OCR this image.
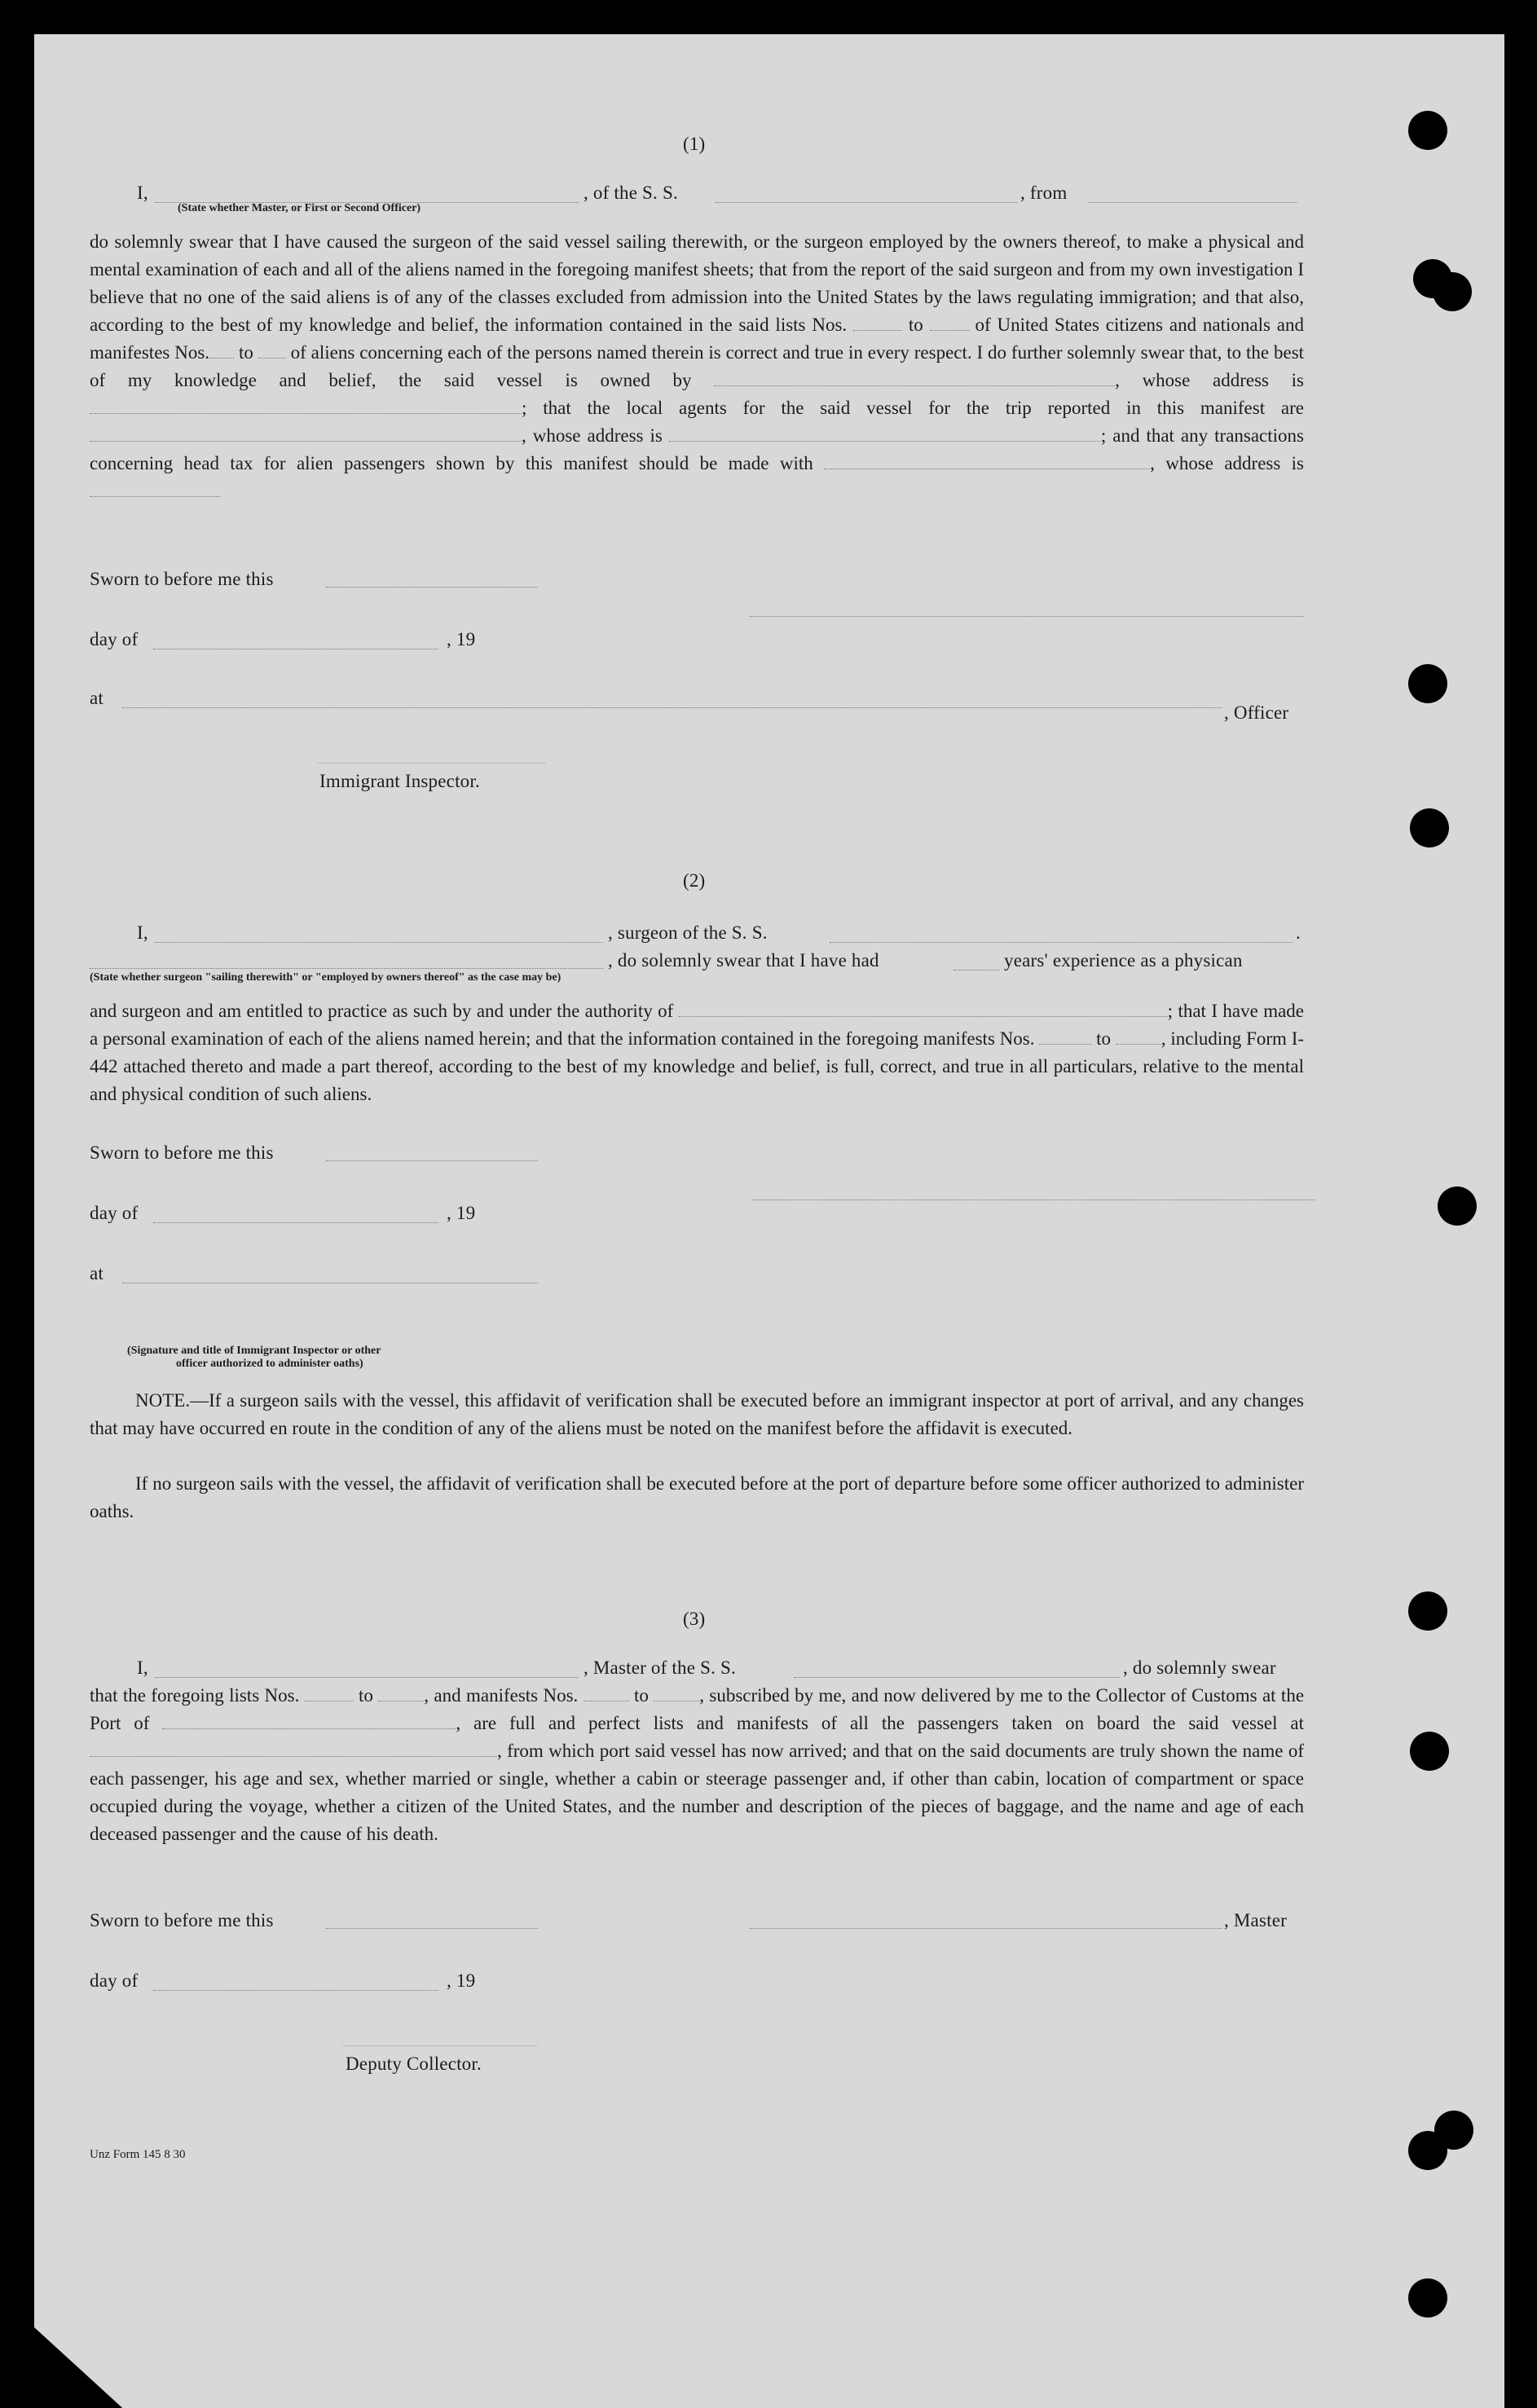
(1)
I,	, of the S. S.	, from
(State whether Master, or First or Second Officer)
do solemnly swear that I have caused the surgeon of the said vessel sailing therewith, or the surgeon employed by the owners thereof, to make a physical and mental examination of each and all of the aliens named in the foregoing manifest sheets; that from the report of the said surgeon and from my own investigation I believe that no one of the said aliens is of any of the classes excluded from admission into the United States by the laws regulating immigration; and that also, according to the best of my knowledge and belief, the information contained in the said lists Nos.	to	of United States citizens and nationals and manifestes Nos. to of aliens concerning each of the persons named therein is correct and true in every respect. I do further solemnly swear that, to the best of my knowledge and belief, the said vessel is owned by	, whose address is ; that the local agents for the said vessel for the trip reported in this manifest are , whose address is	; and that any transactions concerning head tax for alien passengers shown by this manifest should be made with	, whose address is
Sworn to before me this
day of	, 19
at
, Officer
Immigrant Inspector.
(2)
I,	, surgeon of the S. S.	.
, do solemnly swear that I have had	years' experience as a physican
(State whether surgeon "sailing therewith" or "employed by owners thereof" as the case may be)
and surgeon and am entitled to practice as such by and under the authority of	; that I have made a personal examination of each of the aliens named herein; and that the information contained in the foregoing manifests Nos.	to	, including Form I-442 attached thereto and made a part thereof, according to the best of my knowledge and belief, is full, correct, and true in all particulars, relative to the mental and physical condition of such aliens.
Sworn to before me this
day of	, 19
at
(Signature and title of Immigrant Inspector or other
officer authorized to administer oaths)
NOTE.—If a surgeon sails with the vessel, this affidavit of verification shall be executed before an immigrant inspector at port of arrival, and any changes that may have occurred en route in the condition of any of the aliens must be noted on the manifest before the affidavit is executed.
If no surgeon sails with the vessel, the affidavit of verification shall be executed before at the port of departure before some officer authorized to administer oaths.
(3)
I,	, Master of the S. S.	, do solemnly swear
that the foregoing lists Nos.	to	, and manifests Nos.	to	, subscribed by me, and now delivered by me to the Collector of Customs at the Port of	, are full and perfect lists and manifests of all the passengers taken on board the said vessel at , from which port said vessel has now arrived; and that on the said documents are truly shown the name of each passenger, his age and sex, whether married or single, whether a cabin or steerage passenger and, if other than cabin, location of compartment or space occupied during the voyage, whether a citizen of the United States, and the number and description of the pieces of baggage, and the name and age of each deceased passenger and the cause of his death.
Sworn to before me this	, Master
day of	, 19
Deputy Collector.
Unz Form 145 8 30
